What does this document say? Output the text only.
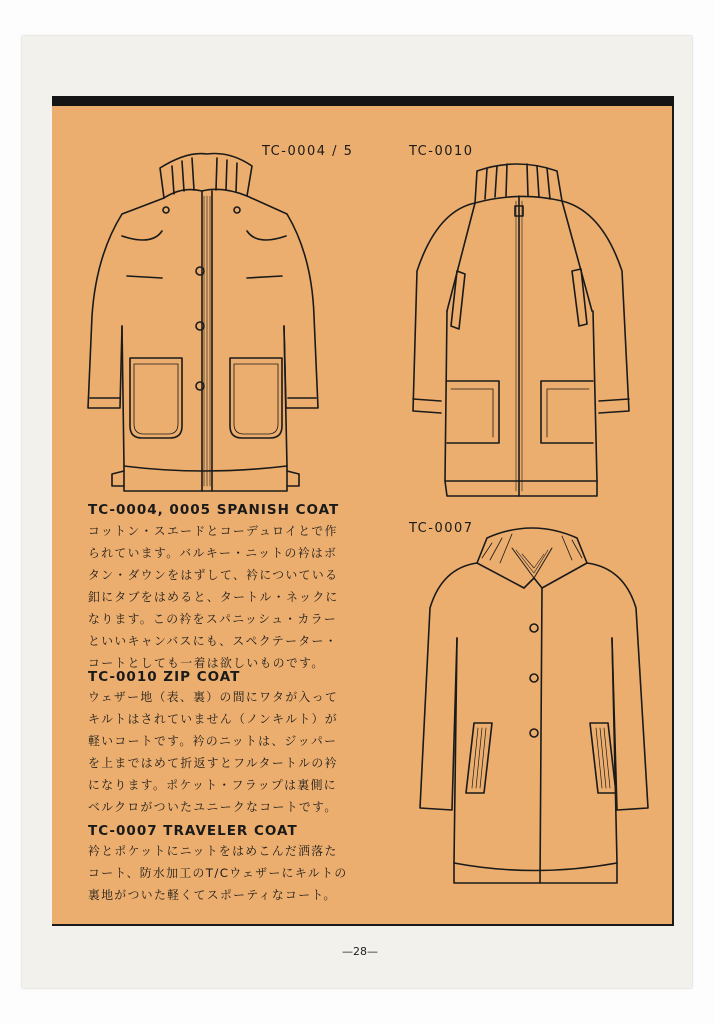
TC-0004 / 5	TC-0010
TC-0007
TC-0004, 0005 SPANISH COAT

コットン・スエードとコーデュロイとで作
られています。バルキー・ニットの衿はボ
タン・ダウンをはずして、衿についている
釦にタブをはめると、タートル・ネックに
なります。この衿をスパニッシュ・カラー
といいキャンバスにも、スペクテーター・
コートとしても一着は欲しいものです。

TC-0010 ZIP COAT

ウェザー地（表、裏）の間にワタが入って
キルトはされていません（ノンキルト）が
軽いコートです。衿のニットは、ジッパー
を上まではめて折返すとフルタートルの衿
になります。ポケット・フラップは裏側に
ベルクロがついたユニークなコートです。

TC-0007 TRAVELER COAT

衿とポケットにニットをはめこんだ洒落た
コート、防水加工のT/Cウェザーにキルトの
裏地がついた軽くてスポーティなコート。

—28—
